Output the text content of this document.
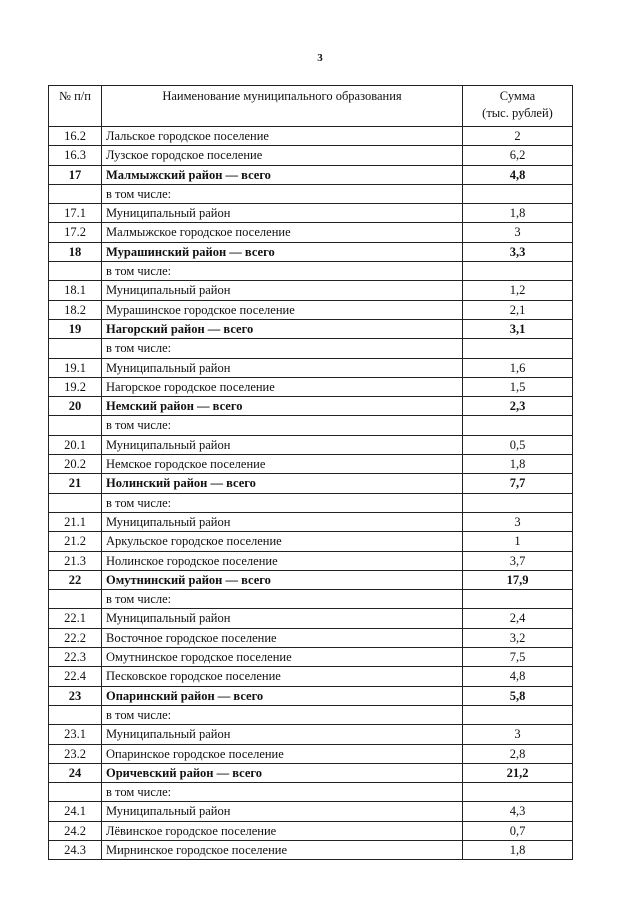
3
№ п/п	Наименование муниципального образования	Сумма
(тыс. рублей)
16.2	Лальское городское поселение	2
16.3	Лузское городское поселение	6,2
17	Малмыжский район — всего	4,8
	в том числе:	
17.1	Муниципальный район	1,8
17.2	Малмыжское городское поселение	3
18	Мурашинский район — всего	3,3
	в том числе:	
18.1	Муниципальный район	1,2
18.2	Мурашинское городское поселение	2,1
19	Нагорский район — всего	3,1
	в том числе:	
19.1	Муниципальный район	1,6
19.2	Нагорское городское поселение	1,5
20	Немский район — всего	2,3
	в том числе:	
20.1	Муниципальный район	0,5
20.2	Немское городское поселение	1,8
21	Нолинский район — всего	7,7
	в том числе:	
21.1	Муниципальный район	3
21.2	Аркульское городское поселение	1
21.3	Нолинское городское поселение	3,7
22	Омутнинский район — всего	17,9
	в том числе:	
22.1	Муниципальный район	2,4
22.2	Восточное городское поселение	3,2
22.3	Омутнинское городское поселение	7,5
22.4	Песковское городское поселение	4,8
23	Опаринский район — всего	5,8
	в том числе:	
23.1	Муниципальный район	3
23.2	Опаринское городское поселение	2,8
24	Оричевский район — всего	21,2
	в том числе:	
24.1	Муниципальный район	4,3
24.2	Лёвинское городское поселение	0,7
24.3	Мирнинское городское поселение	1,8
